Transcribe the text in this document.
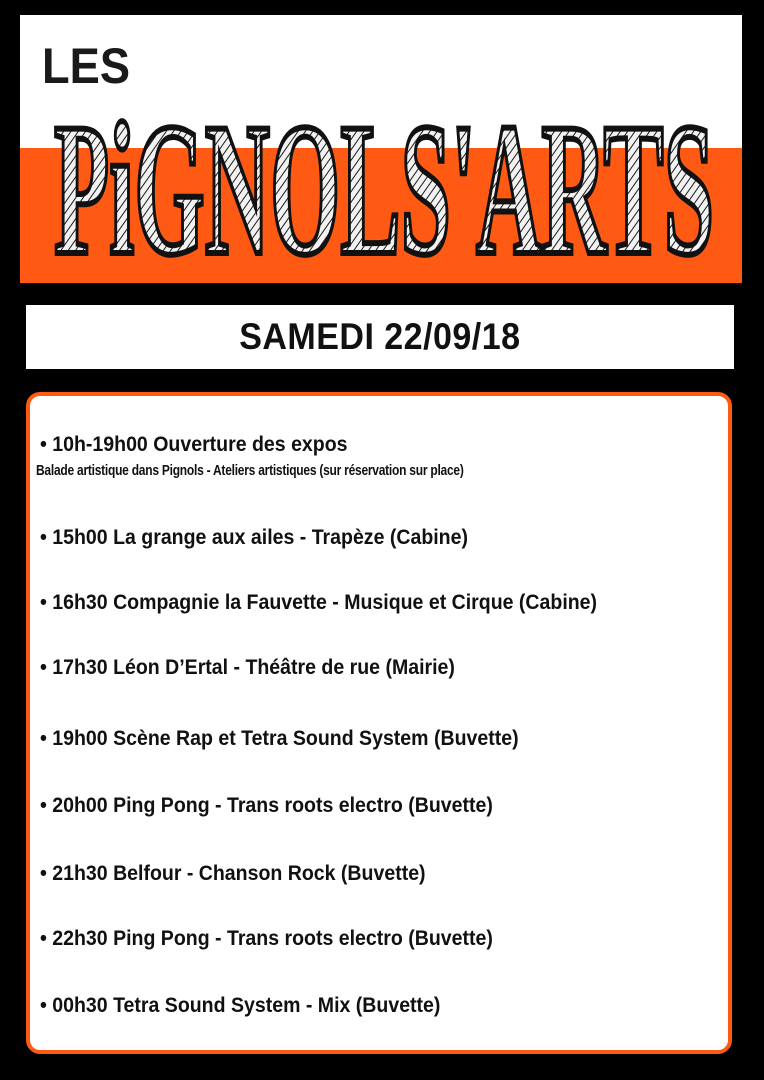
LES
PiGNOLS'ARTS
SAMEDI 22/09/18
• 10h-19h00 Ouverture des expos
Balade artistique dans Pignols - Ateliers artistiques (sur réservation sur place)
• 15h00 La grange aux ailes - Trapèze (Cabine)
• 16h30 Compagnie la Fauvette - Musique et Cirque (Cabine)
• 17h30 Léon D’Ertal - Théâtre de rue (Mairie)
• 19h00 Scène Rap et Tetra Sound System (Buvette)
• 20h00 Ping Pong - Trans roots electro (Buvette)
• 21h30 Belfour - Chanson Rock (Buvette)
• 22h30 Ping Pong - Trans roots electro (Buvette)
• 00h30 Tetra Sound System - Mix (Buvette)
